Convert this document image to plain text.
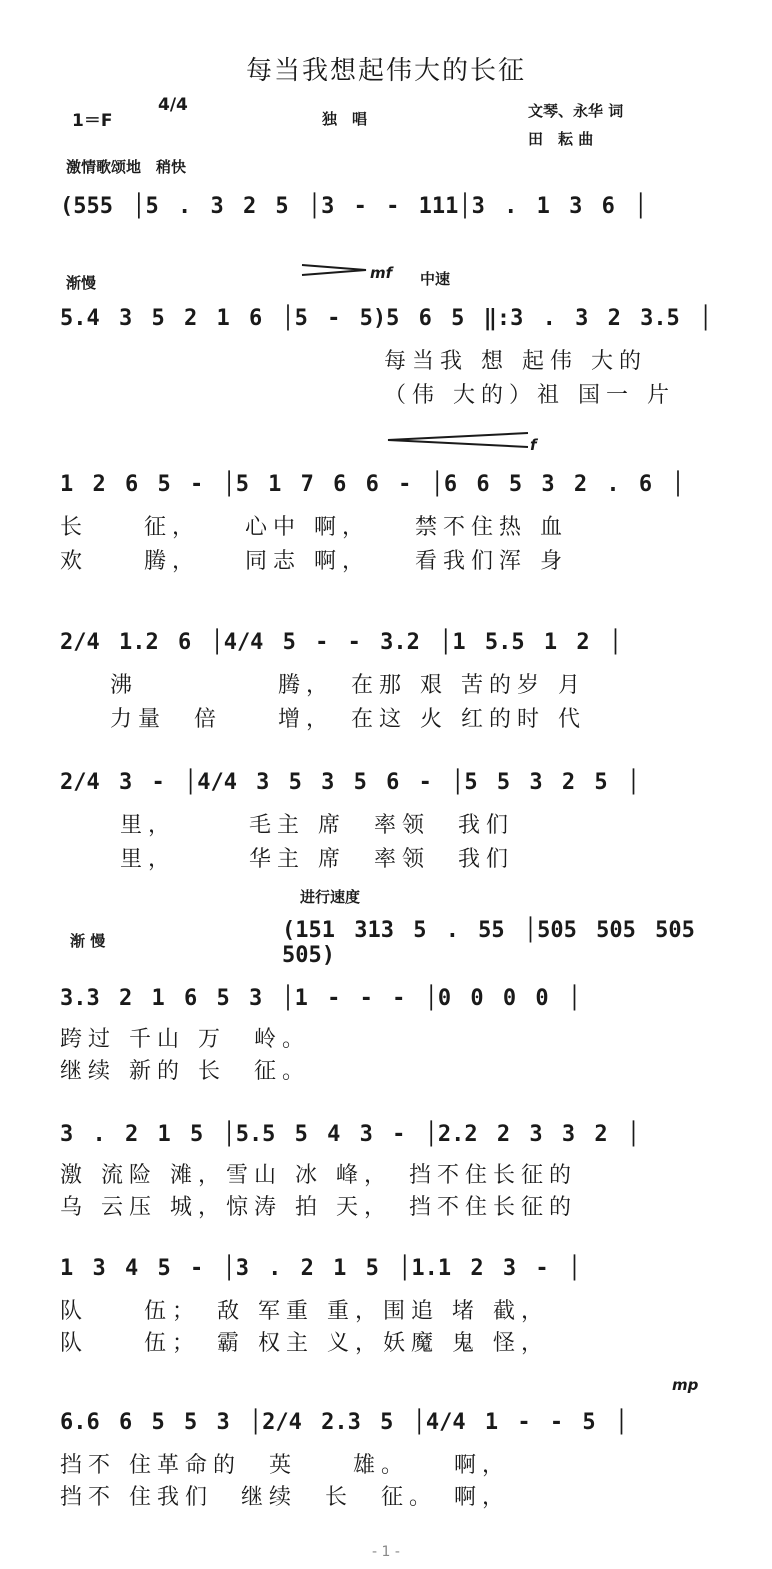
每当我想起伟大的长征
1＝F
4/4
独　唱	文琴、永华 词
田　耘 曲
激情歌颂地　稍快
渐慢
mf 中速
f
渐 慢
进行速度
mp
(555 │5 . 3 2 5 │3 - - 111│3 . 1 3 6 │
5.4 3 5 2 1 6 │5 - 5)5 6 5 ‖:3 . 3 2 3.5 │
每当我 想 起伟 大的
（伟 大的）祖 国一 片
1 2 6 5 - │5 1 7 6 6 - │6 6 5 3 2 . 6 │
长　　征，　　心中 啊，　　禁不住热 血
欢　　腾，　　同志 啊，　　看我们浑 身
2/4 1.2 6 │4/4 5 - - 3.2 │1 5.5 1 2 │
沸　　　　　腾，　在那 艰 苦的岁 月
力量　倍　　增，　在这 火 红的时 代
2/4 3 - │4/4 3 5 3 5 6 - │5 5 3 2 5 │
里，　　　毛主 席　率领　我们
里，　　　华主 席　率领　我们
(151 313 5 . 55 │505 505 505 505)
3.3 2 1 6 5 3 │1 - - - │0 0 0 0 │
跨过 千山 万　岭。
继续 新的 长　征。
3 . 2 1 5 │5.5 5 4 3 - │2.2 2 3 3 2 │
激 流险 滩，雪山 冰 峰，　挡不住长征的
乌 云压 城，惊涛 拍 天，　挡不住长征的
1 3 4 5 - │3 . 2 1 5 │1.1 2 3 - │
队　　伍；　敌 军重 重，围追 堵 截，
队　　伍；　霸 权主 义，妖魔 鬼 怪，
6.6 6 5 5 3 │2/4 2.3 5 │4/4 1 - - 5 │
挡不 住革命的　英　　雄。　　啊，
挡不 住我们　继续　长　征。　啊，
- 1 -
